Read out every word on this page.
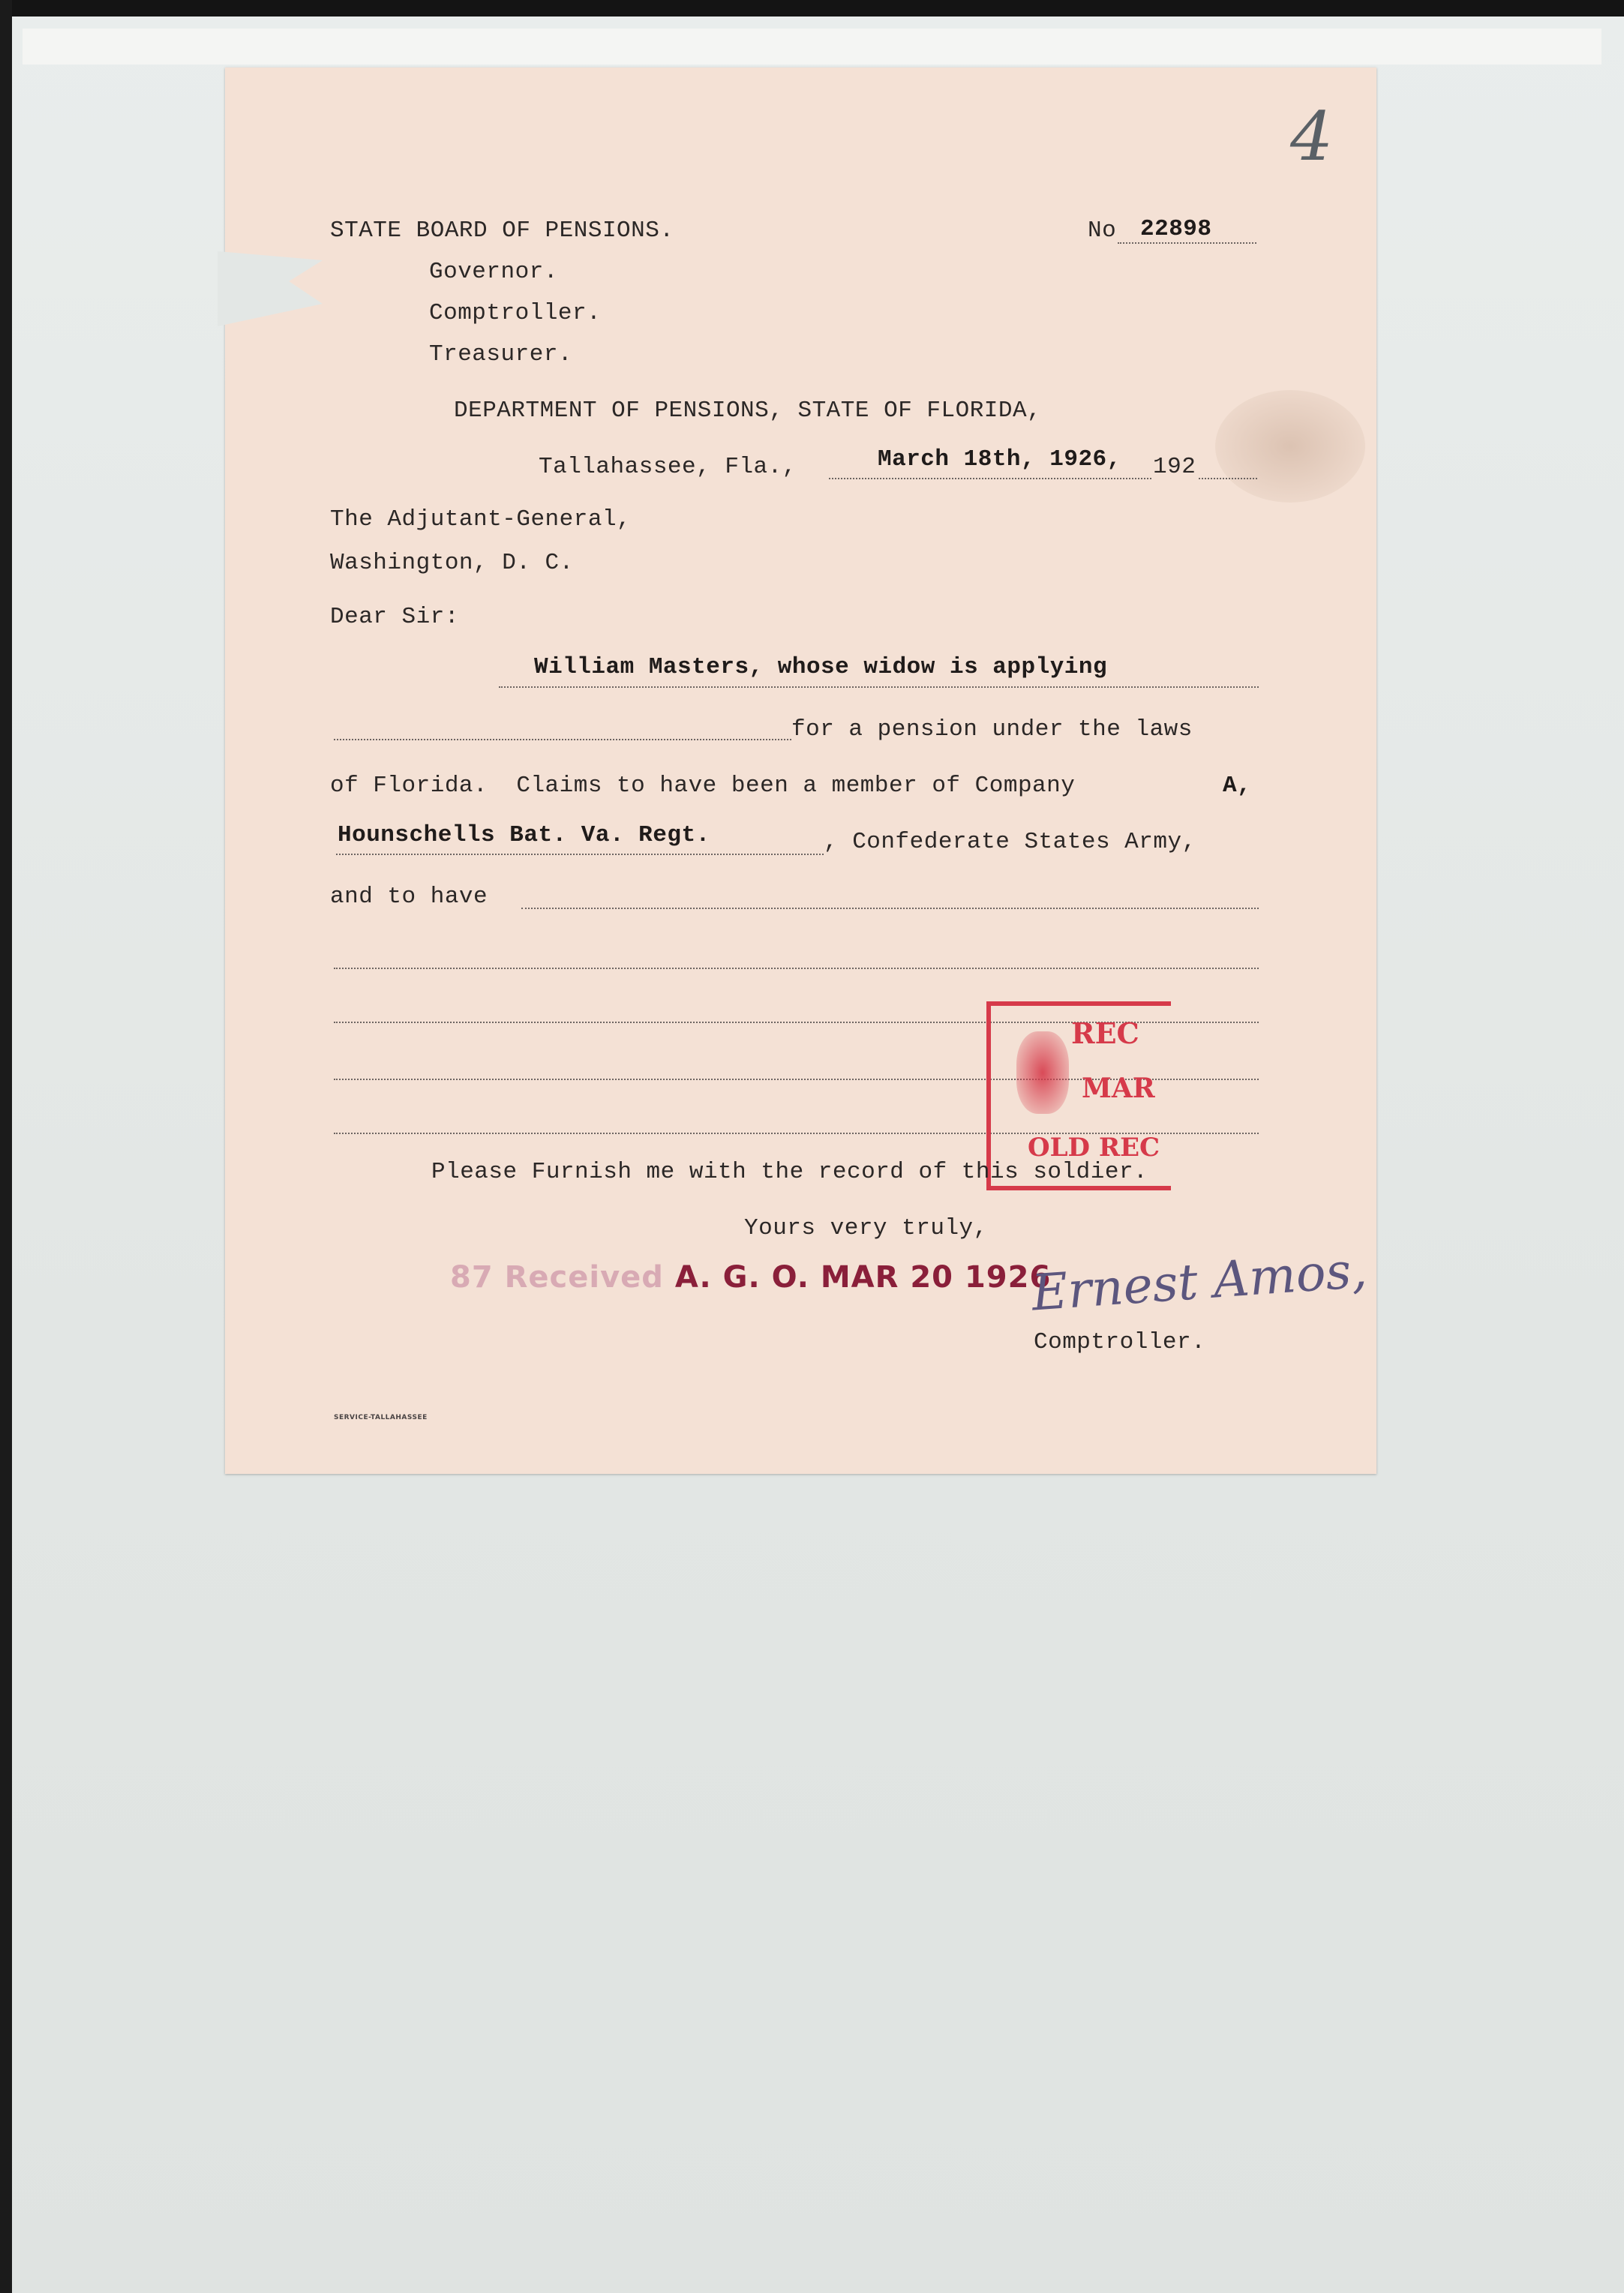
4
STATE BOARD OF PENSIONS.
Governor.
Comptroller.
Treasurer.
No 22898
DEPARTMENT OF PENSIONS, STATE OF FLORIDA,
Tallahassee, Fla.,	March 18th, 1926, 192
The Adjutant-General,
Washington, D. C.
Dear Sir:
William Masters, whose widow is applying
for a pension under the laws
of Florida.  Claims to have been a member of Company	A,
Hounschells Bat. Va. Regt.	, Confederate States Army,
and to have
REC
MAR
OLD REC
Please Furnish me with the record of this soldier.
Yours very truly,
87 Received A. G. O. MAR 20 1926
Ernest Amos,
Comptroller.
SERVICE-TALLAHASSEE
